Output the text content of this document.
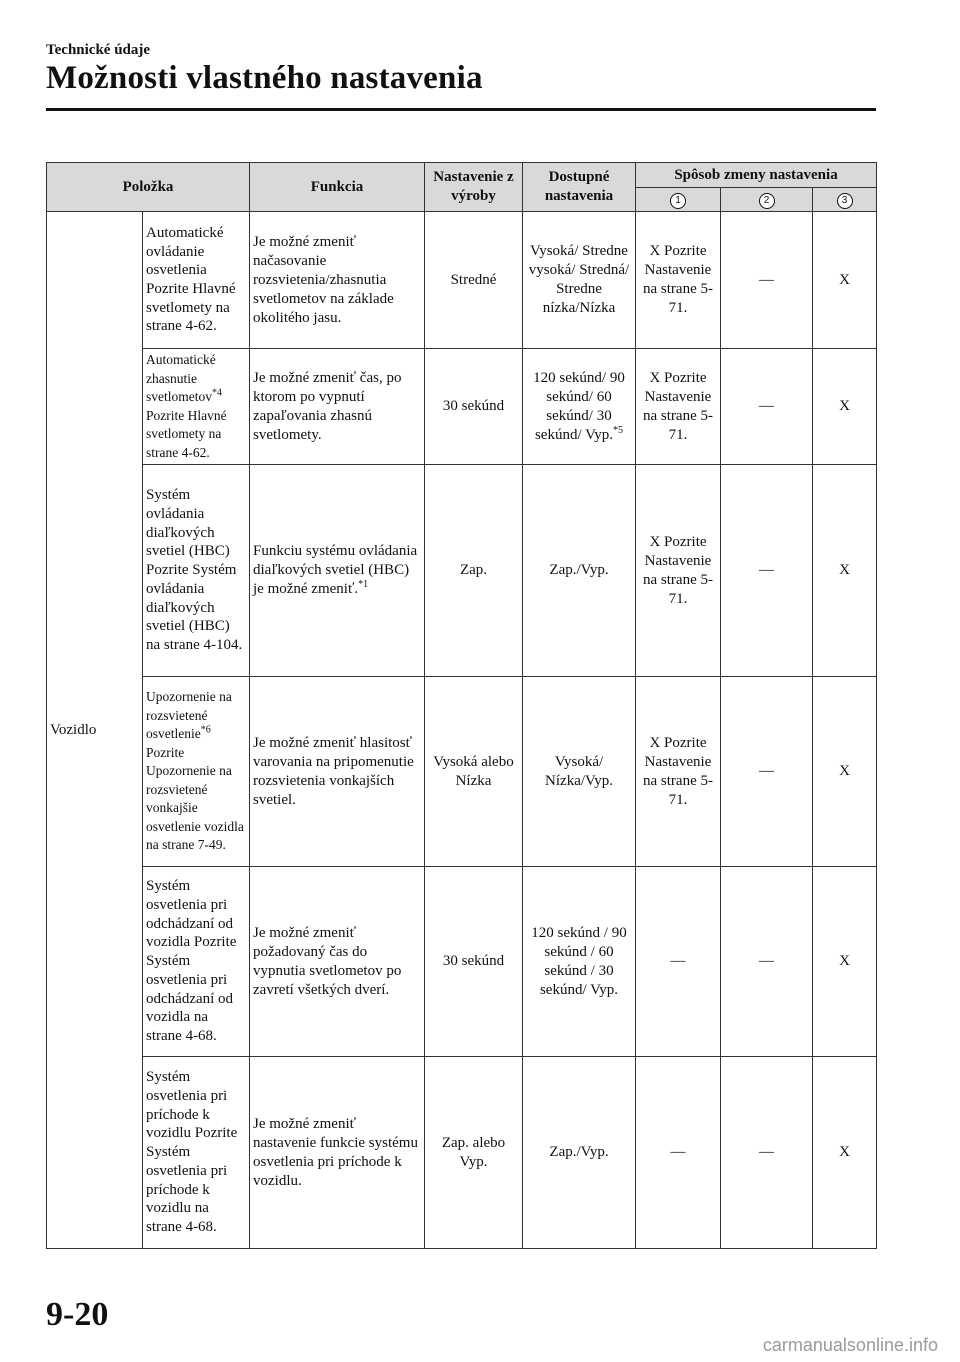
Technické údaje
Možnosti vlastného nastavenia
Položka		Funkcia	Nastavenie z výroby	Dostupné nastavenia	Spôsob zmeny nastavenia		
					1	2	3
Vozidlo	Automatické ovládanie osvetlenia Pozrite Hlavné svetlomety na strane 4-62.	Je možné zmeniť načasovanie rozsvietenia/zhasnutia svetlometov na základe okolitého jasu.	Stredné	Vysoká/ Stredne vysoká/ Stredná/ Stredne nízka/Nízka	X Pozrite Nastavenie na strane 5-71.	—	X
	Automatické zhasnutie svetlometov$^{*4}$ Pozrite Hlavné svetlomety na strane 4-62.	Je možné zmeniť čas, po ktorom po vypnutí zapaľovania zhasnú svetlomety.	30 sekúnd	120 sekúnd/ 90 sekúnd/ 60 sekúnd/ 30 sekúnd/ Vyp.$^{*5}$	X Pozrite Nastavenie na strane 5-71.	—	X
	Systém ovládania diaľkových svetiel (HBC) Pozrite Systém ovládania diaľkových svetiel (HBC) na strane 4-104.	Funkciu systému ovládania diaľkových svetiel (HBC) je možné zmeniť.$^{*1}$	Zap.	Zap./Vyp.	X Pozrite Nastavenie na strane 5-71.	—	X
	Upozornenie na rozsvietené osvetlenie$^{*6}$ Pozrite Upozornenie na rozsvietené vonkajšie osvetlenie vozidla na strane 7-49.	Je možné zmeniť hlasitosť varovania na pripomenutie rozsvietenia vonkajších svetiel.	Vysoká alebo Nízka	Vysoká/ Nízka/Vyp.	X Pozrite Nastavenie na strane 5-71.	—	X
	Systém osvetlenia pri odchádzaní od vozidla Pozrite Systém osvetlenia pri odchádzaní od vozidla na strane 4-68.	Je možné zmeniť požadovaný čas do vypnutia svetlometov po zavretí všetkých dverí.	30 sekúnd	120 sekúnd / 90 sekúnd / 60 sekúnd / 30 sekúnd/ Vyp.	—	—	X
	Systém osvetlenia pri príchode k vozidlu Pozrite Systém osvetlenia pri príchode k vozidlu na strane 4-68.	Je možné zmeniť nastavenie funkcie systému osvetlenia pri príchode k vozidlu.	Zap. alebo Vyp.	Zap./Vyp.	—	—	X
9-20
carmanualsonline.info
